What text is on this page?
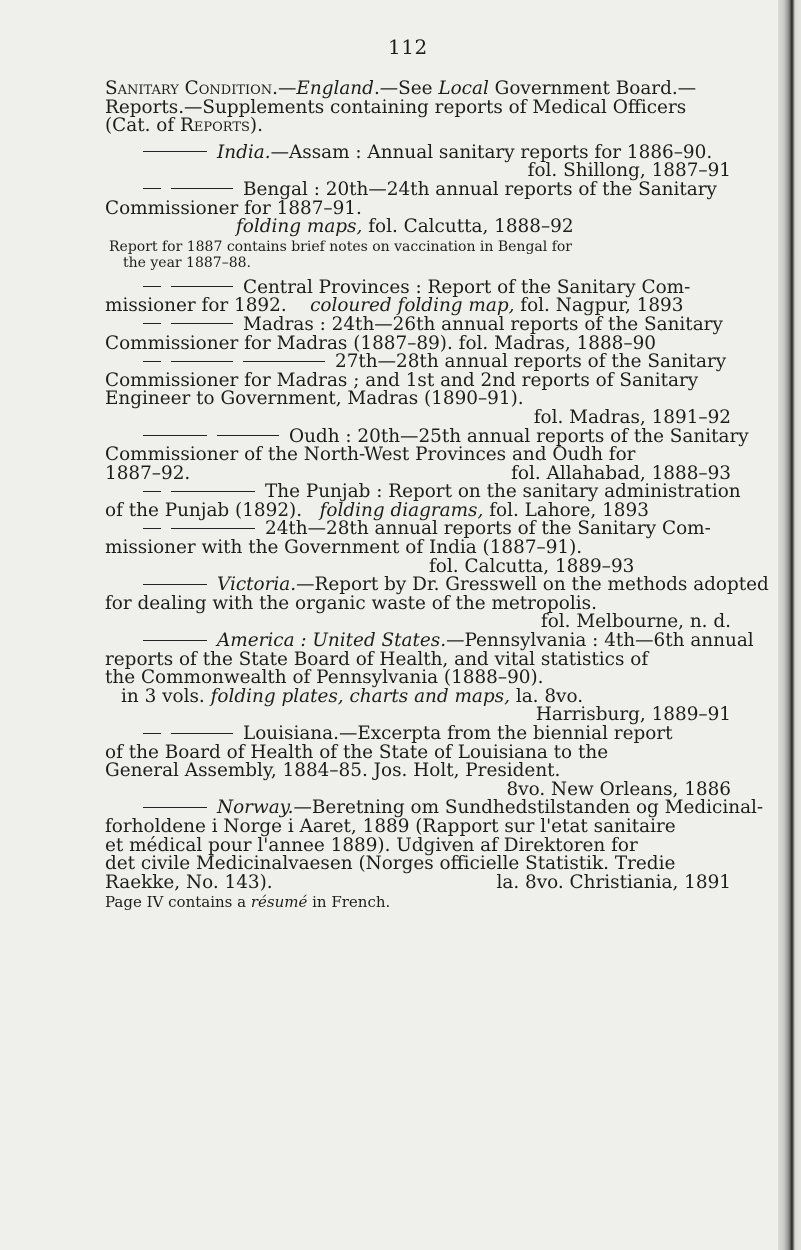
112
Sanitary Condition.—England.—See Local Government Board.—
Reports.—Supplements containing reports of Medical Officers
(Cat. of Reports).
India.—Assam : Annual sanitary reports for 1886–90.
fol. Shillong, 1887–91
Bengal : 20th—24th annual reports of the Sanitary
Commissioner for 1887–91.
folding maps, fol. Calcutta, 1888–92
Report for 1887 contains brief notes on vaccination in Bengal for
the year 1887–88.
Central Provinces : Report of the Sanitary Com-
missioner for 1892. coloured folding map, fol. Nagpur, 1893
Madras : 24th—26th annual reports of the Sanitary
Commissioner for Madras (1887–89). fol. Madras, 1888–90
27th—28th annual reports of the Sanitary
Commissioner for Madras ; and 1st and 2nd reports of Sanitary
Engineer to Government, Madras (1890–91).
fol. Madras, 1891–92
Oudh : 20th—25th annual reports of the Sanitary
Commissioner of the North-West Provinces and Oudh for
1887–92.	fol. Allahabad, 1888–93
The Punjab : Report on the sanitary administration
of the Punjab (1892). folding diagrams, fol. Lahore, 1893
24th—28th annual reports of the Sanitary Com-
missioner with the Government of India (1887–91).
fol. Calcutta, 1889–93
Victoria.—Report by Dr. Gresswell on the methods adopted
for dealing with the organic waste of the metropolis.
fol. Melbourne, n. d.
America : United States.—Pennsylvania : 4th—6th annual
reports of the State Board of Health, and vital statistics of
the Commonwealth of Pennsylvania (1888–90).
in 3 vols. folding plates, charts and maps, la. 8vo.
Harrisburg, 1889–91
Louisiana.—Excerpta from the biennial report
of the Board of Health of the State of Louisiana to the
General Assembly, 1884–85. Jos. Holt, President.
8vo. New Orleans, 1886
Norway.—Beretning om Sundhedstilstanden og Medicinal-
forholdene i Norge i Aaret, 1889 (Rapport sur l'etat sanitaire
et médical pour l'annee 1889). Udgiven af Direktoren for
det civile Medicinalvaesen (Norges officielle Statistik. Tredie
Raekke, No. 143).	la. 8vo. Christiania, 1891
Page IV contains a résumé in French.
